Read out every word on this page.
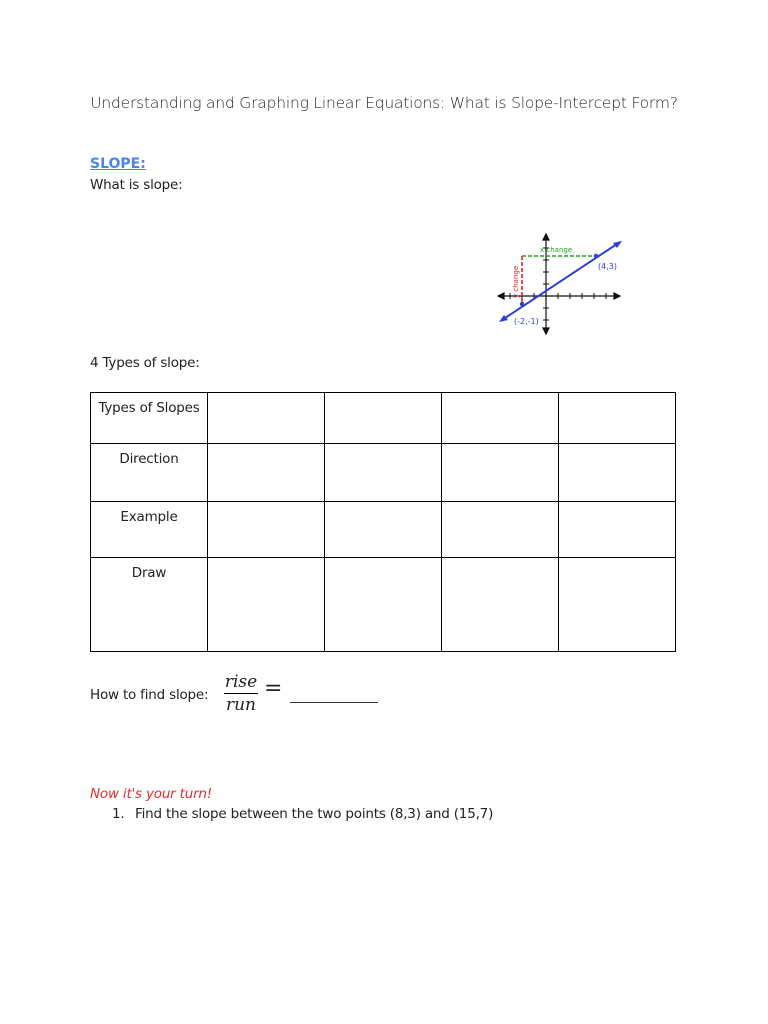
Understanding and Graphing Linear Equations: What is Slope-Intercept Form?
SLOPE:
What is slope:
x change
y change	(4,3)
(-2,-1)
4 Types of slope:
Types of Slopes				
Direction				
Example				
Draw				
How to find slope:
rise
run
=
Now it's your turn!
1. Find the slope between the two points (8,3) and (15,7)
